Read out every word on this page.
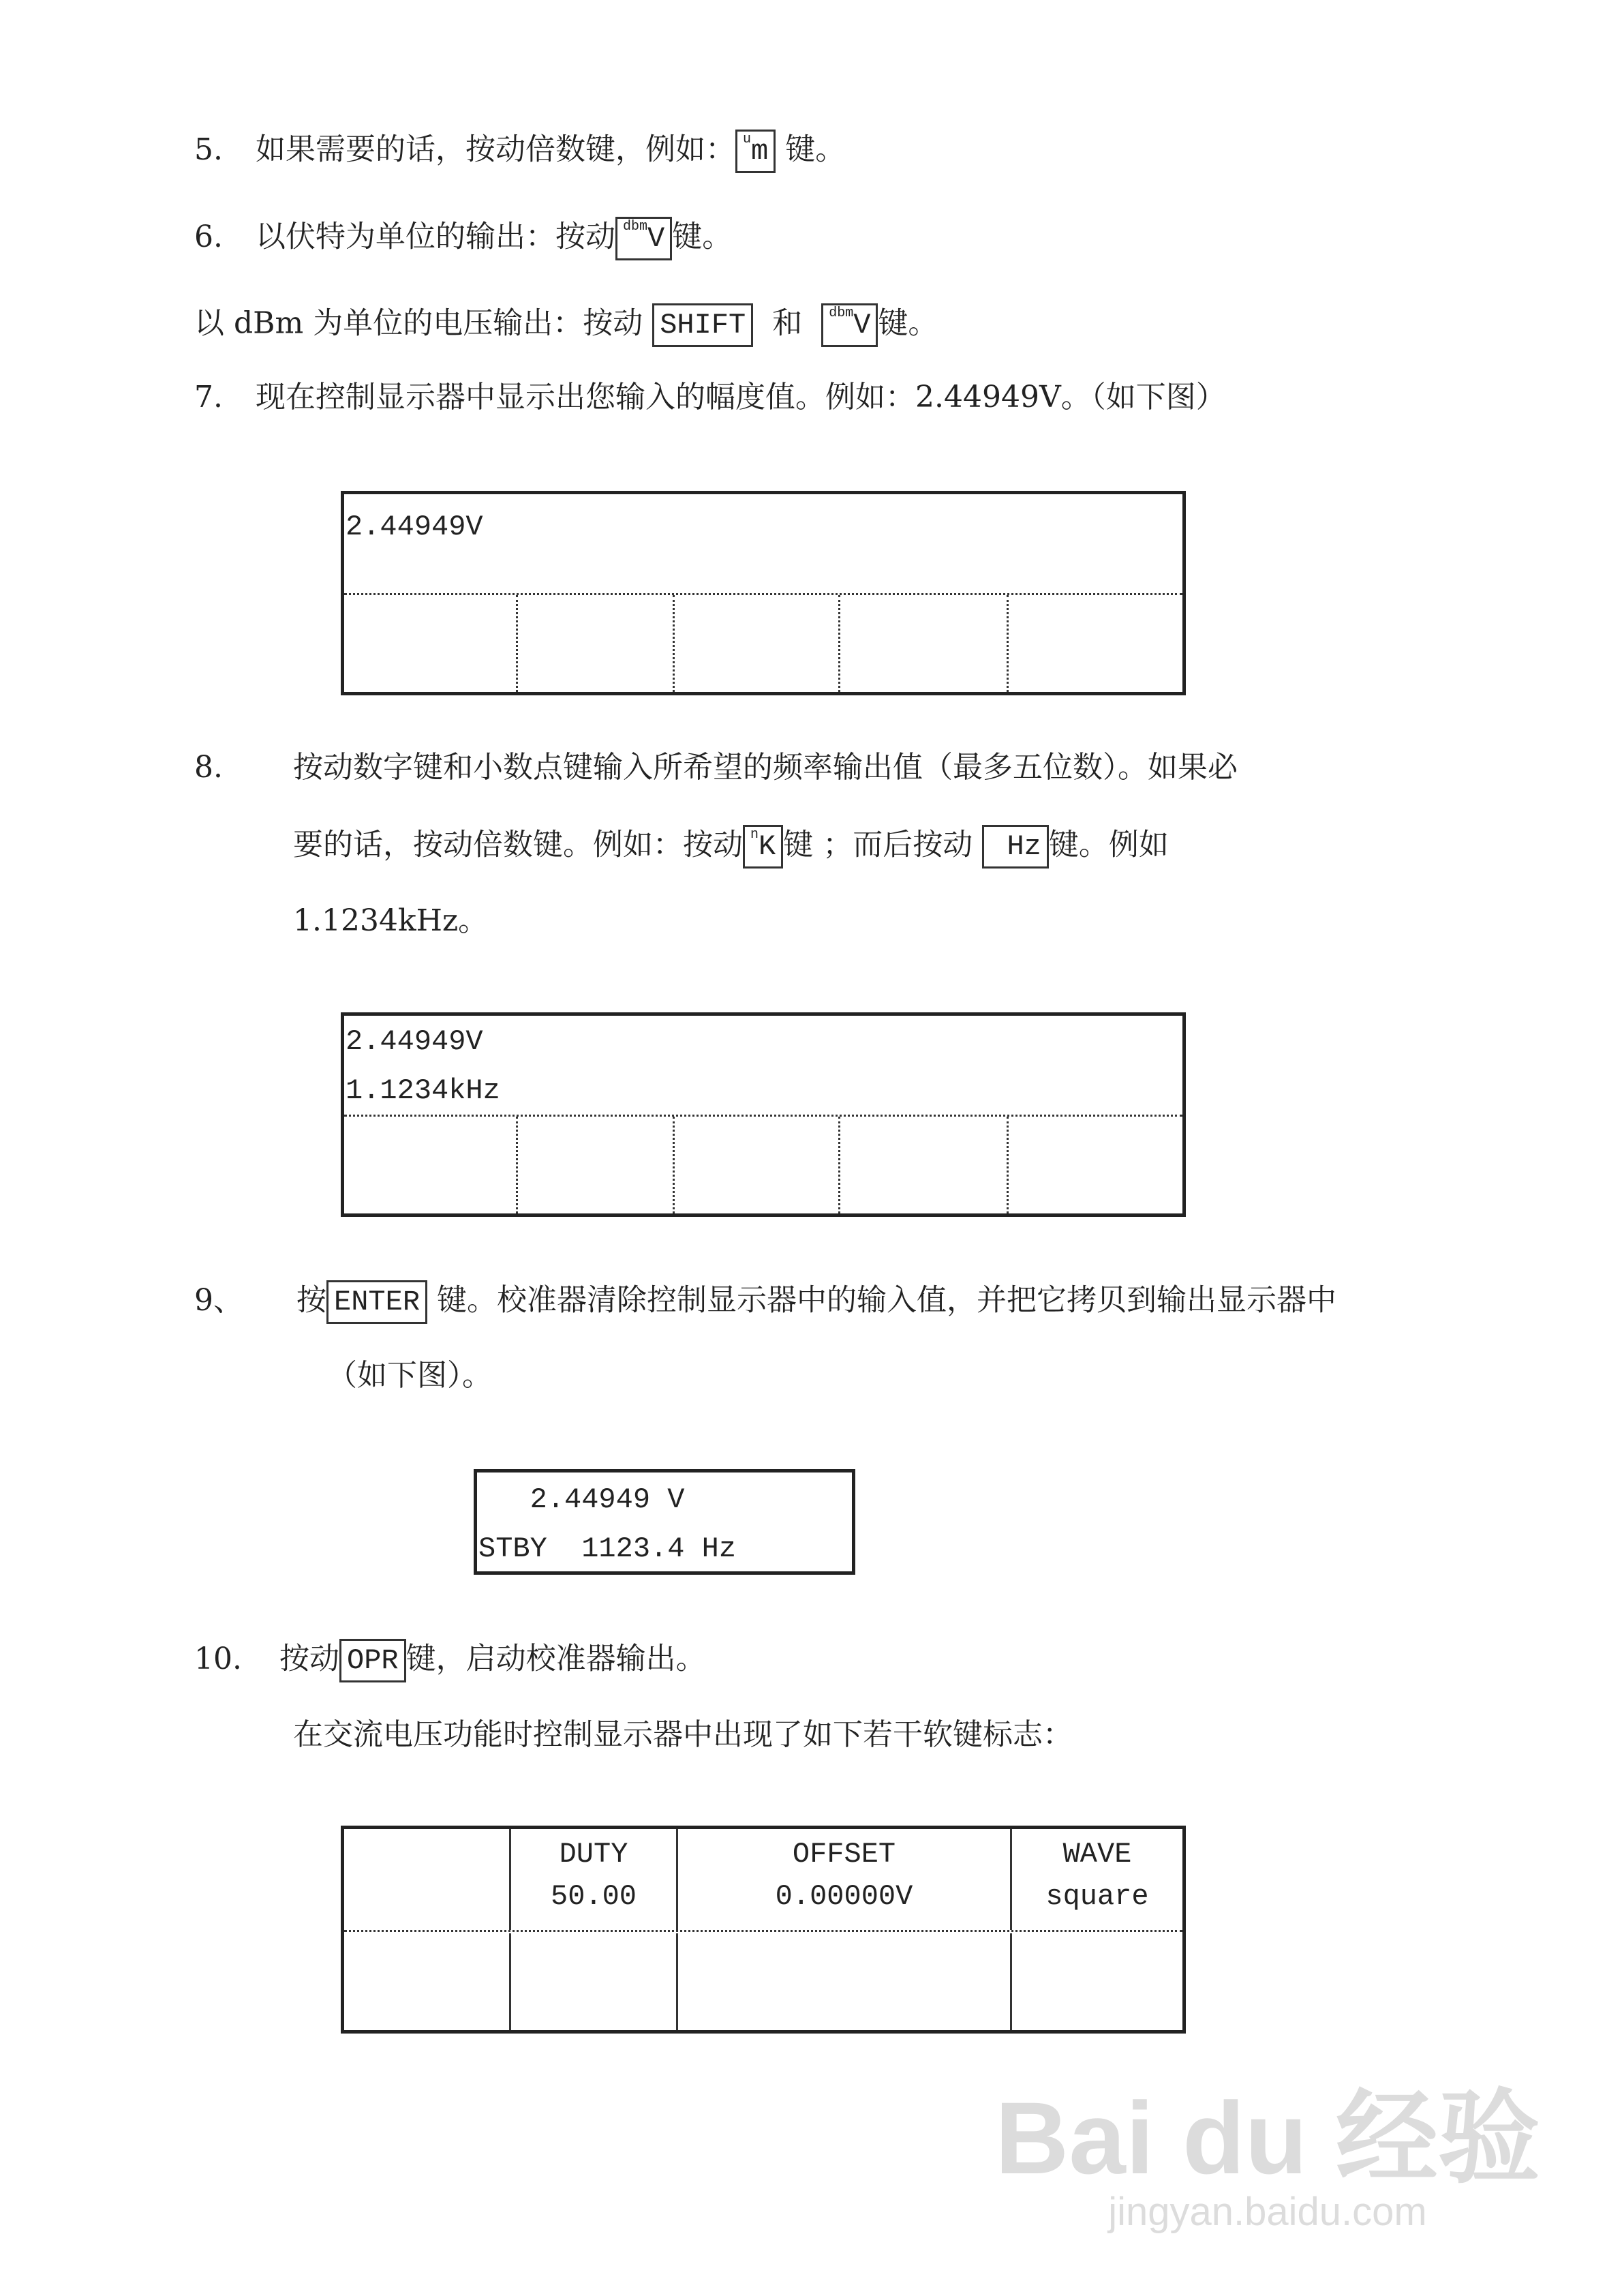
5. 如果需要的话，按动倍数键，例如： $^u$m 键。
6. 以伏特为单位的输出：按动 $^{dbm}$V 键。
以 dBm 为单位的电压输出：按动 SHIFT 和 $^{dbm}$V 键。
7. 现在控制显示器中显示出您输入的幅度值。例如：2.44949V。（如下图）
2.44949V
8. 按动数字键和小数点键输入所希望的频率输出值（最多五位数）。如果必
要的话，按动倍数键。例如：按动 $^n$K 键 ；而后按动  Hz 键。例如
1.1234kHz。
2.44949V
1.1234kHz
9、 按 ENTER 键。校准器清除控制显示器中的输入值，并把它拷贝到输出显示器中
（如下图）。
2.44949 V
STBY  1123.4 Hz
10. 按动 OPR 键，启动校准器输出。
在交流电压功能时控制显示器中出现了如下若干软键标志：
DUTY
50.00
OFFSET
0.00000V
WAVE
square
Bai du 经验
jingyan.baidu.com
